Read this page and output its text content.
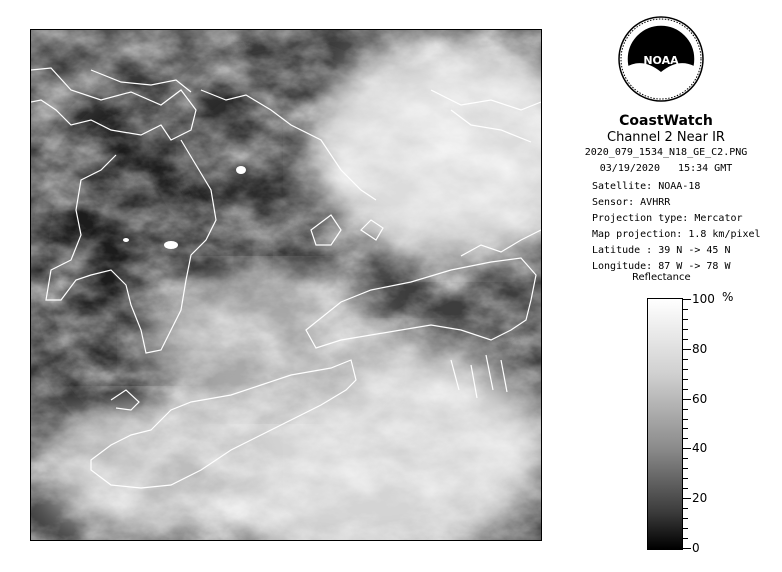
NOAA
CoastWatch
Channel 2 Near IR
2020_079_1534_N18_GE_C2.PNG
03/19/2020 15:34 GMT
Satellite: NOAA-18
Sensor: AVHRR
Projection type: Mercator
Map projection: 1.8 km/pixel
Latitude : 39 N -> 45 N
Longitude: 87 W -> 78 W
Reflectance
%
100
80
60
40
20
0
